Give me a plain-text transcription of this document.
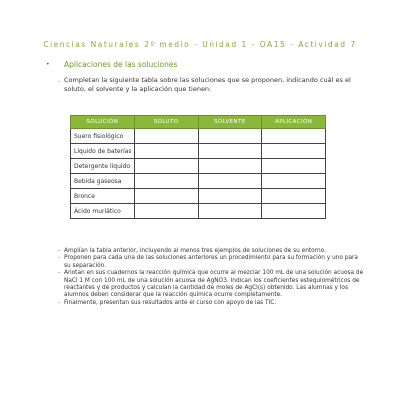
Ciencias Naturales 2º medio - Unidad 1 - OA15 - Actividad 7
• Aplicaciones de las soluciones
- Completan la siguiente tabla sobre las soluciones que se proponen, indicando cuál es el soluto, el solvente y la aplicación que tienen:
SOLUCIÓN	SOLUTO	SOLVENTE	APLICACIÓN
Suero fisiológico			
Líquido de baterías			
Detergente líquido			
Bebida gaseosa			
Bronce			
Ácido muriático			
- Amplían la tabla anterior, incluyendo al menos tres ejemplos de soluciones de su entorno.
- Proponen para cada una de las soluciones anteriores un procedimiento para su formación y uno para su separación.
- Anotan en sus cuadernos la reacción química que ocurre al mezclar 100 mL de una solución acuosa de NaCl 1 M con 100 mL de una solución acuosa de AgNO3. Indican los coeficientes estequiométricos de reactantes y de productos y calculan la cantidad de moles de AgCl(s) obtenido. Las alumnas y los alumnos deben considerar que la reacción química ocurre completamente.
- Finalmente, presentan sus resultados ante el curso con apoyo de las TIC.
